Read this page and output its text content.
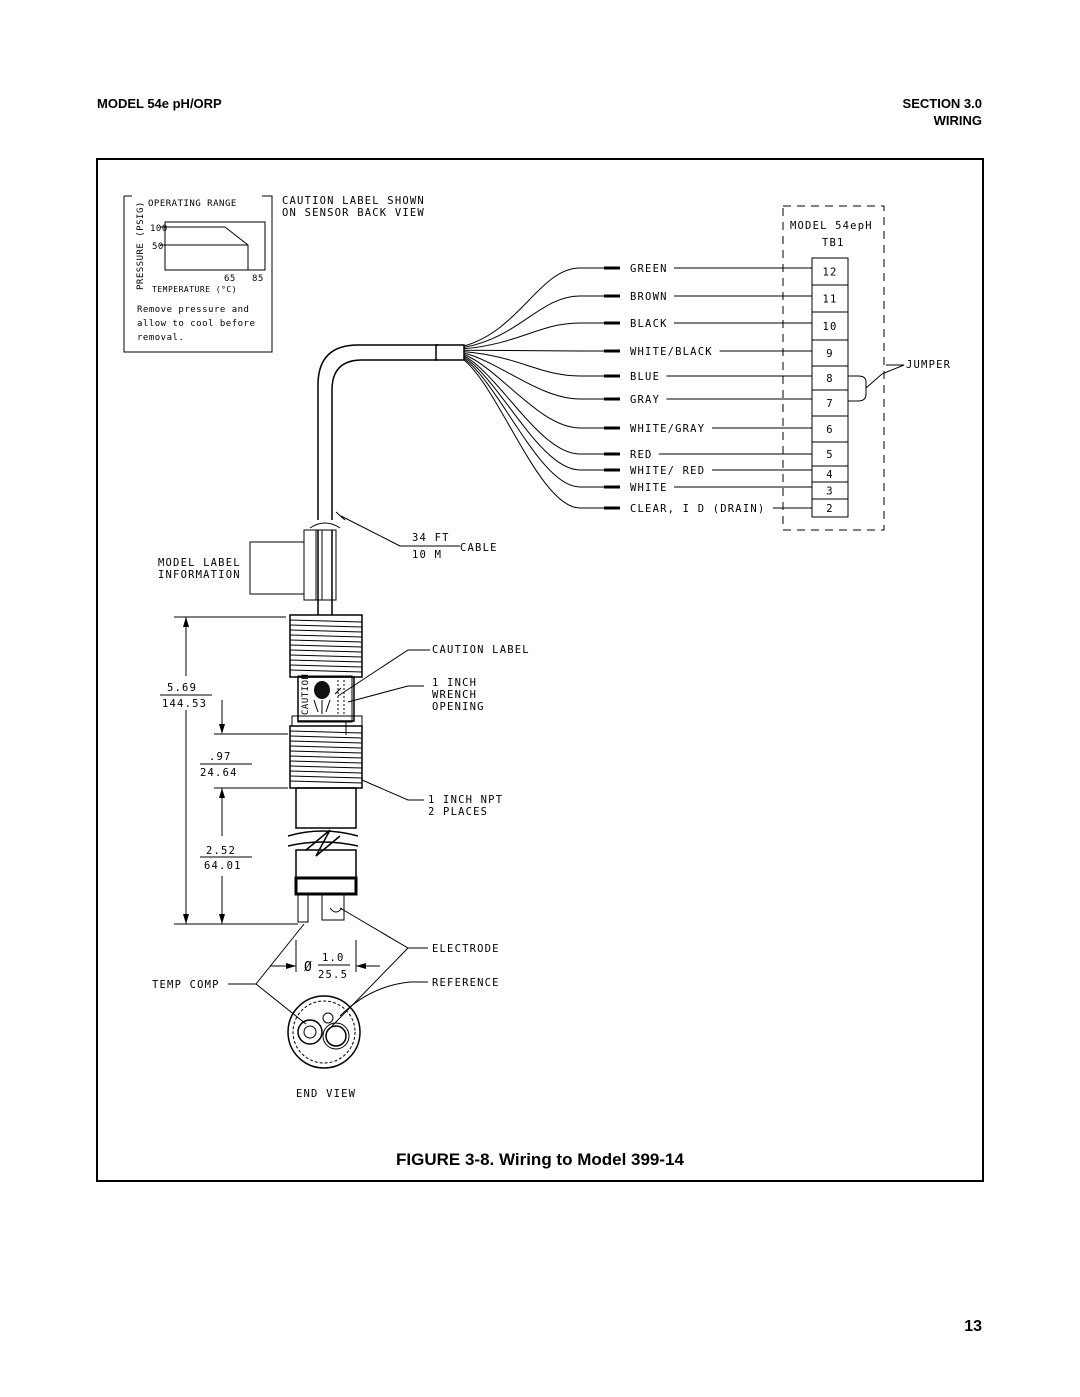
MODEL 54e pH/ORP	SECTION 3.0
WIRING
OPERATING RANGE
100
50
65 85
PRESSURE (PSIG) TEMPERATURE (°C)
Remove pressure and
allow to cool before
removal.
CAUTION LABEL SHOWN
ON SENSOR BACK VIEW
MODEL 54epH
TB1
12
11
10
9
8
7
6
5
4
3
2
JUMPER
GREEN
BROWN
BLACK
WHITE/BLACK
BLUE
GRAY
WHITE/GRAY
RED
WHITE/ RED
WHITE
CLEAR, I D (DRAIN)
34 FT
10 M
CABLE
MODEL LABEL
INFORMATION
CAUTION
CAUTION LABEL
1 INCH
WRENCH
OPENING
1 INCH NPT
2 PLACES
5.69
144.53
.97
24.64
2.52
64.01
Ø
1.0
25.5
END VIEW
TEMP COMP
ELECTRODE
REFERENCE
FIGURE 3-8. Wiring to Model 399-14
13
